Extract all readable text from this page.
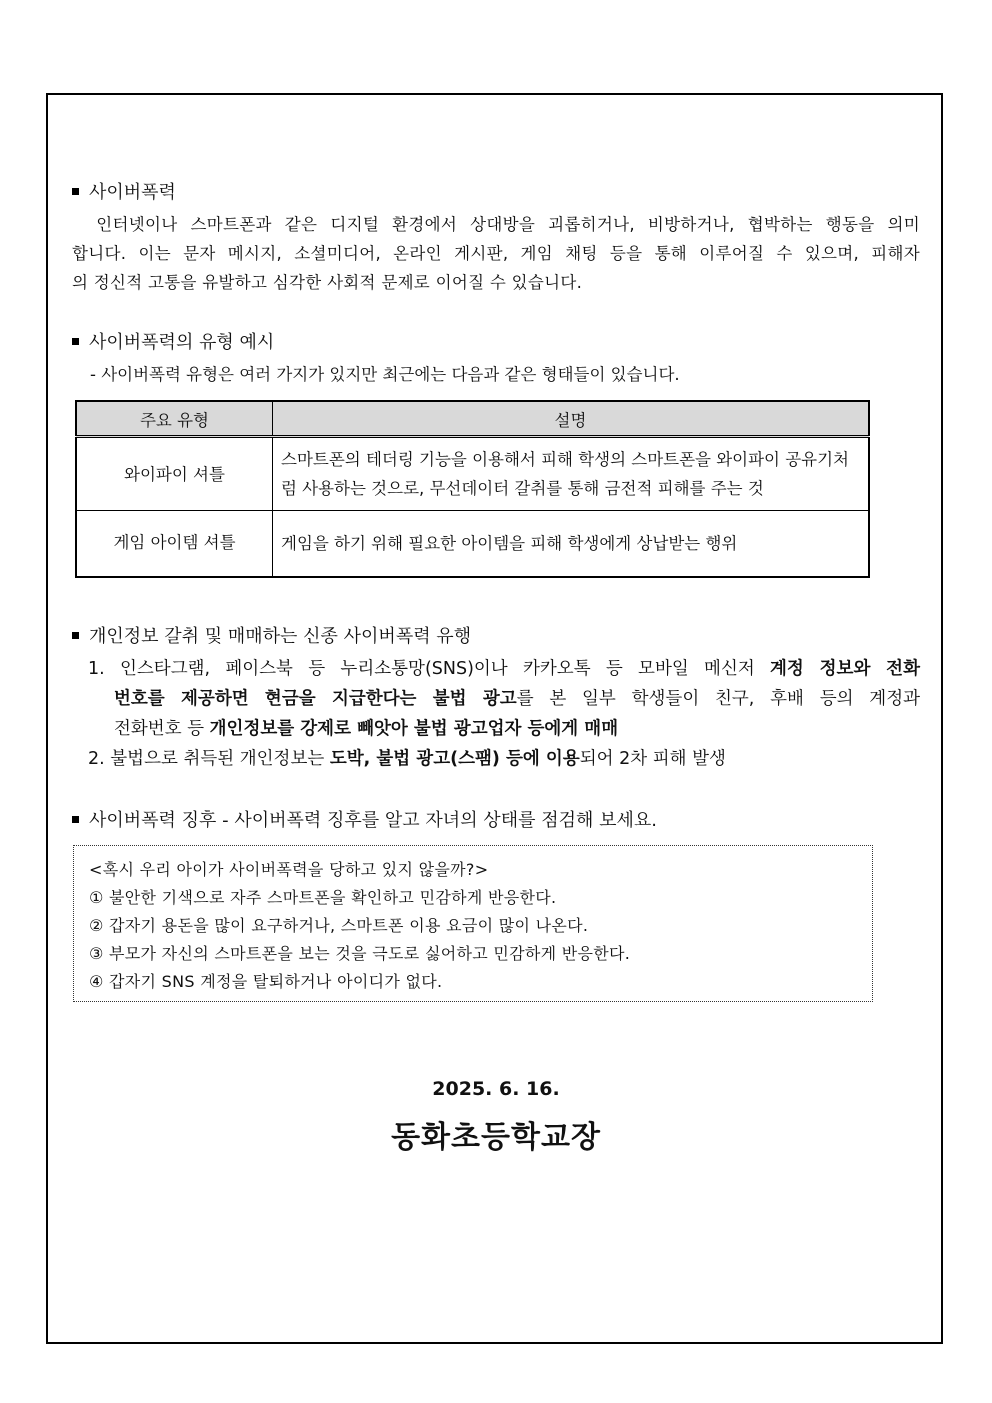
사이버폭력
　인터넷이나 스마트폰과 같은 디지털 환경에서 상대방을 괴롭히거나, 비방하거나, 협박하는 행동을 의미
합니다. 이는 문자 메시지, 소셜미디어, 온라인 게시판, 게임 채팅 등을 통해 이루어질 수 있으며, 피해자
의 정신적 고통을 유발하고 심각한 사회적 문제로 이어질 수 있습니다.
사이버폭력의 유형 예시
- 사이버폭력 유형은 여러 가지가 있지만 최근에는 다음과 같은 형태들이 있습니다.
주요 유형	설명
와이파이 셔틀	스마트폰의 테더링 기능을 이용해서 피해 학생의 스마트폰을 와이파이 공유기처럼 사용하는 것으로, 무선데이터 갈취를 통해 금전적 피해를 주는 것
게임 아이템 셔틀	게임을 하기 위해 필요한 아이템을 피해 학생에게 상납받는 행위
개인정보 갈취 및 매매하는 신종 사이버폭력 유행
1. 인스타그램, 페이스북 등 누리소통망(SNS)이나 카카오톡 등 모바일 메신저 계정 정보와 전화
번호를 제공하면 현금을 지급한다는 불법 광고를 본 일부 학생들이 친구, 후배 등의 계정과
전화번호 등 개인정보를 강제로 빼앗아 불법 광고업자 등에게 매매
2. 불법으로 취득된 개인정보는 도박, 불법 광고(스팸) 등에 이용되어 2차 피해 발생
사이버폭력 징후 - 사이버폭력 징후를 알고 자녀의 상태를 점검해 보세요.
<혹시 우리 아이가 사이버폭력을 당하고 있지 않을까?>
① 불안한 기색으로 자주 스마트폰을 확인하고 민감하게 반응한다.
② 갑자기 용돈을 많이 요구하거나, 스마트폰 이용 요금이 많이 나온다.
③ 부모가 자신의 스마트폰을 보는 것을 극도로 싫어하고 민감하게 반응한다.
④ 갑자기 SNS 계정을 탈퇴하거나 아이디가 없다.
2025. 6. 16.
동화초등학교장
